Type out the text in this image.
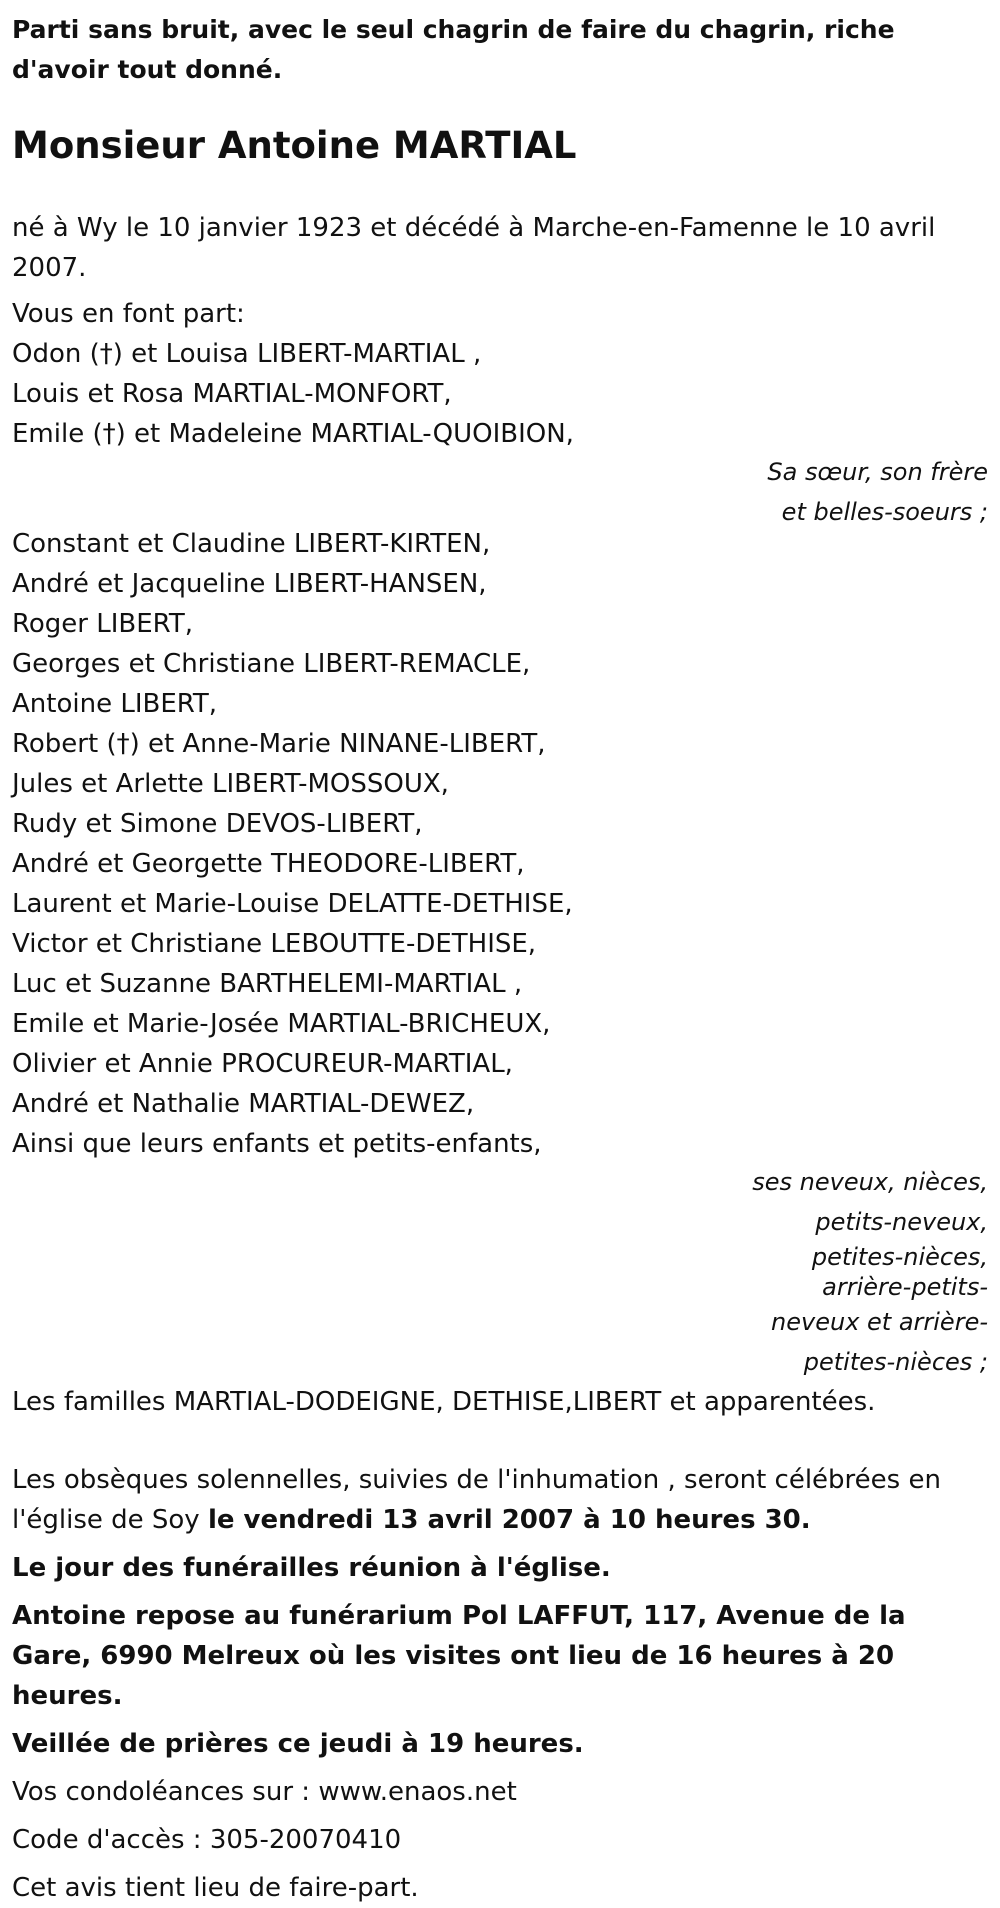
Parti sans bruit, avec le seul chagrin de faire du chagrin, riche d'avoir tout donné.

Monsieur Antoine MARTIAL

né à Wy le 10 janvier 1923 et décédé à Marche-en-Famenne le 10 avril 2007.

Vous en font part:

Odon (†) et Louisa LIBERT-MARTIAL ,

Louis et Rosa MARTIAL-MONFORT,

Emile (†) et Madeleine MARTIAL-QUOIBION,

Sa sœur, son frère
et belles-soeurs ;

Constant et Claudine LIBERT-KIRTEN,

André et Jacqueline LIBERT-HANSEN,

Roger LIBERT,

Georges et Christiane LIBERT-REMACLE,

Antoine LIBERT,

Robert (†) et Anne-Marie NINANE-LIBERT,

Jules et Arlette LIBERT-MOSSOUX,

Rudy et Simone DEVOS-LIBERT,

André et Georgette THEODORE-LIBERT,

Laurent et Marie-Louise DELATTE-DETHISE,

Victor et Christiane LEBOUTTE-DETHISE,

Luc et Suzanne BARTHELEMI-MARTIAL ,

Emile et Marie-Josée MARTIAL-BRICHEUX,

Olivier et Annie PROCUREUR-MARTIAL,

André et Nathalie MARTIAL-DEWEZ,

Ainsi que leurs enfants et petits-enfants,

ses neveux, nièces,
petits-neveux,
petites-nièces,
arrière-petits-
neveux et arrière-
petites-nièces ;

Les familles MARTIAL-DODEIGNE, DETHISE,LIBERT et apparentées.

Les obsèques solennelles, suivies de l'inhumation , seront célébrées en l'église de Soy le vendredi 13 avril 2007 à 10 heures 30.

Le jour des funérailles réunion à l'église.

Antoine repose au funérarium Pol LAFFUT, 117, Avenue de la Gare, 6990 Melreux où les visites ont lieu de 16 heures à 20 heures.

Veillée de prières ce jeudi à 19 heures.

Vos condoléances sur : www.enaos.net

Code d'accès : 305-20070410

Cet avis tient lieu de faire-part.
